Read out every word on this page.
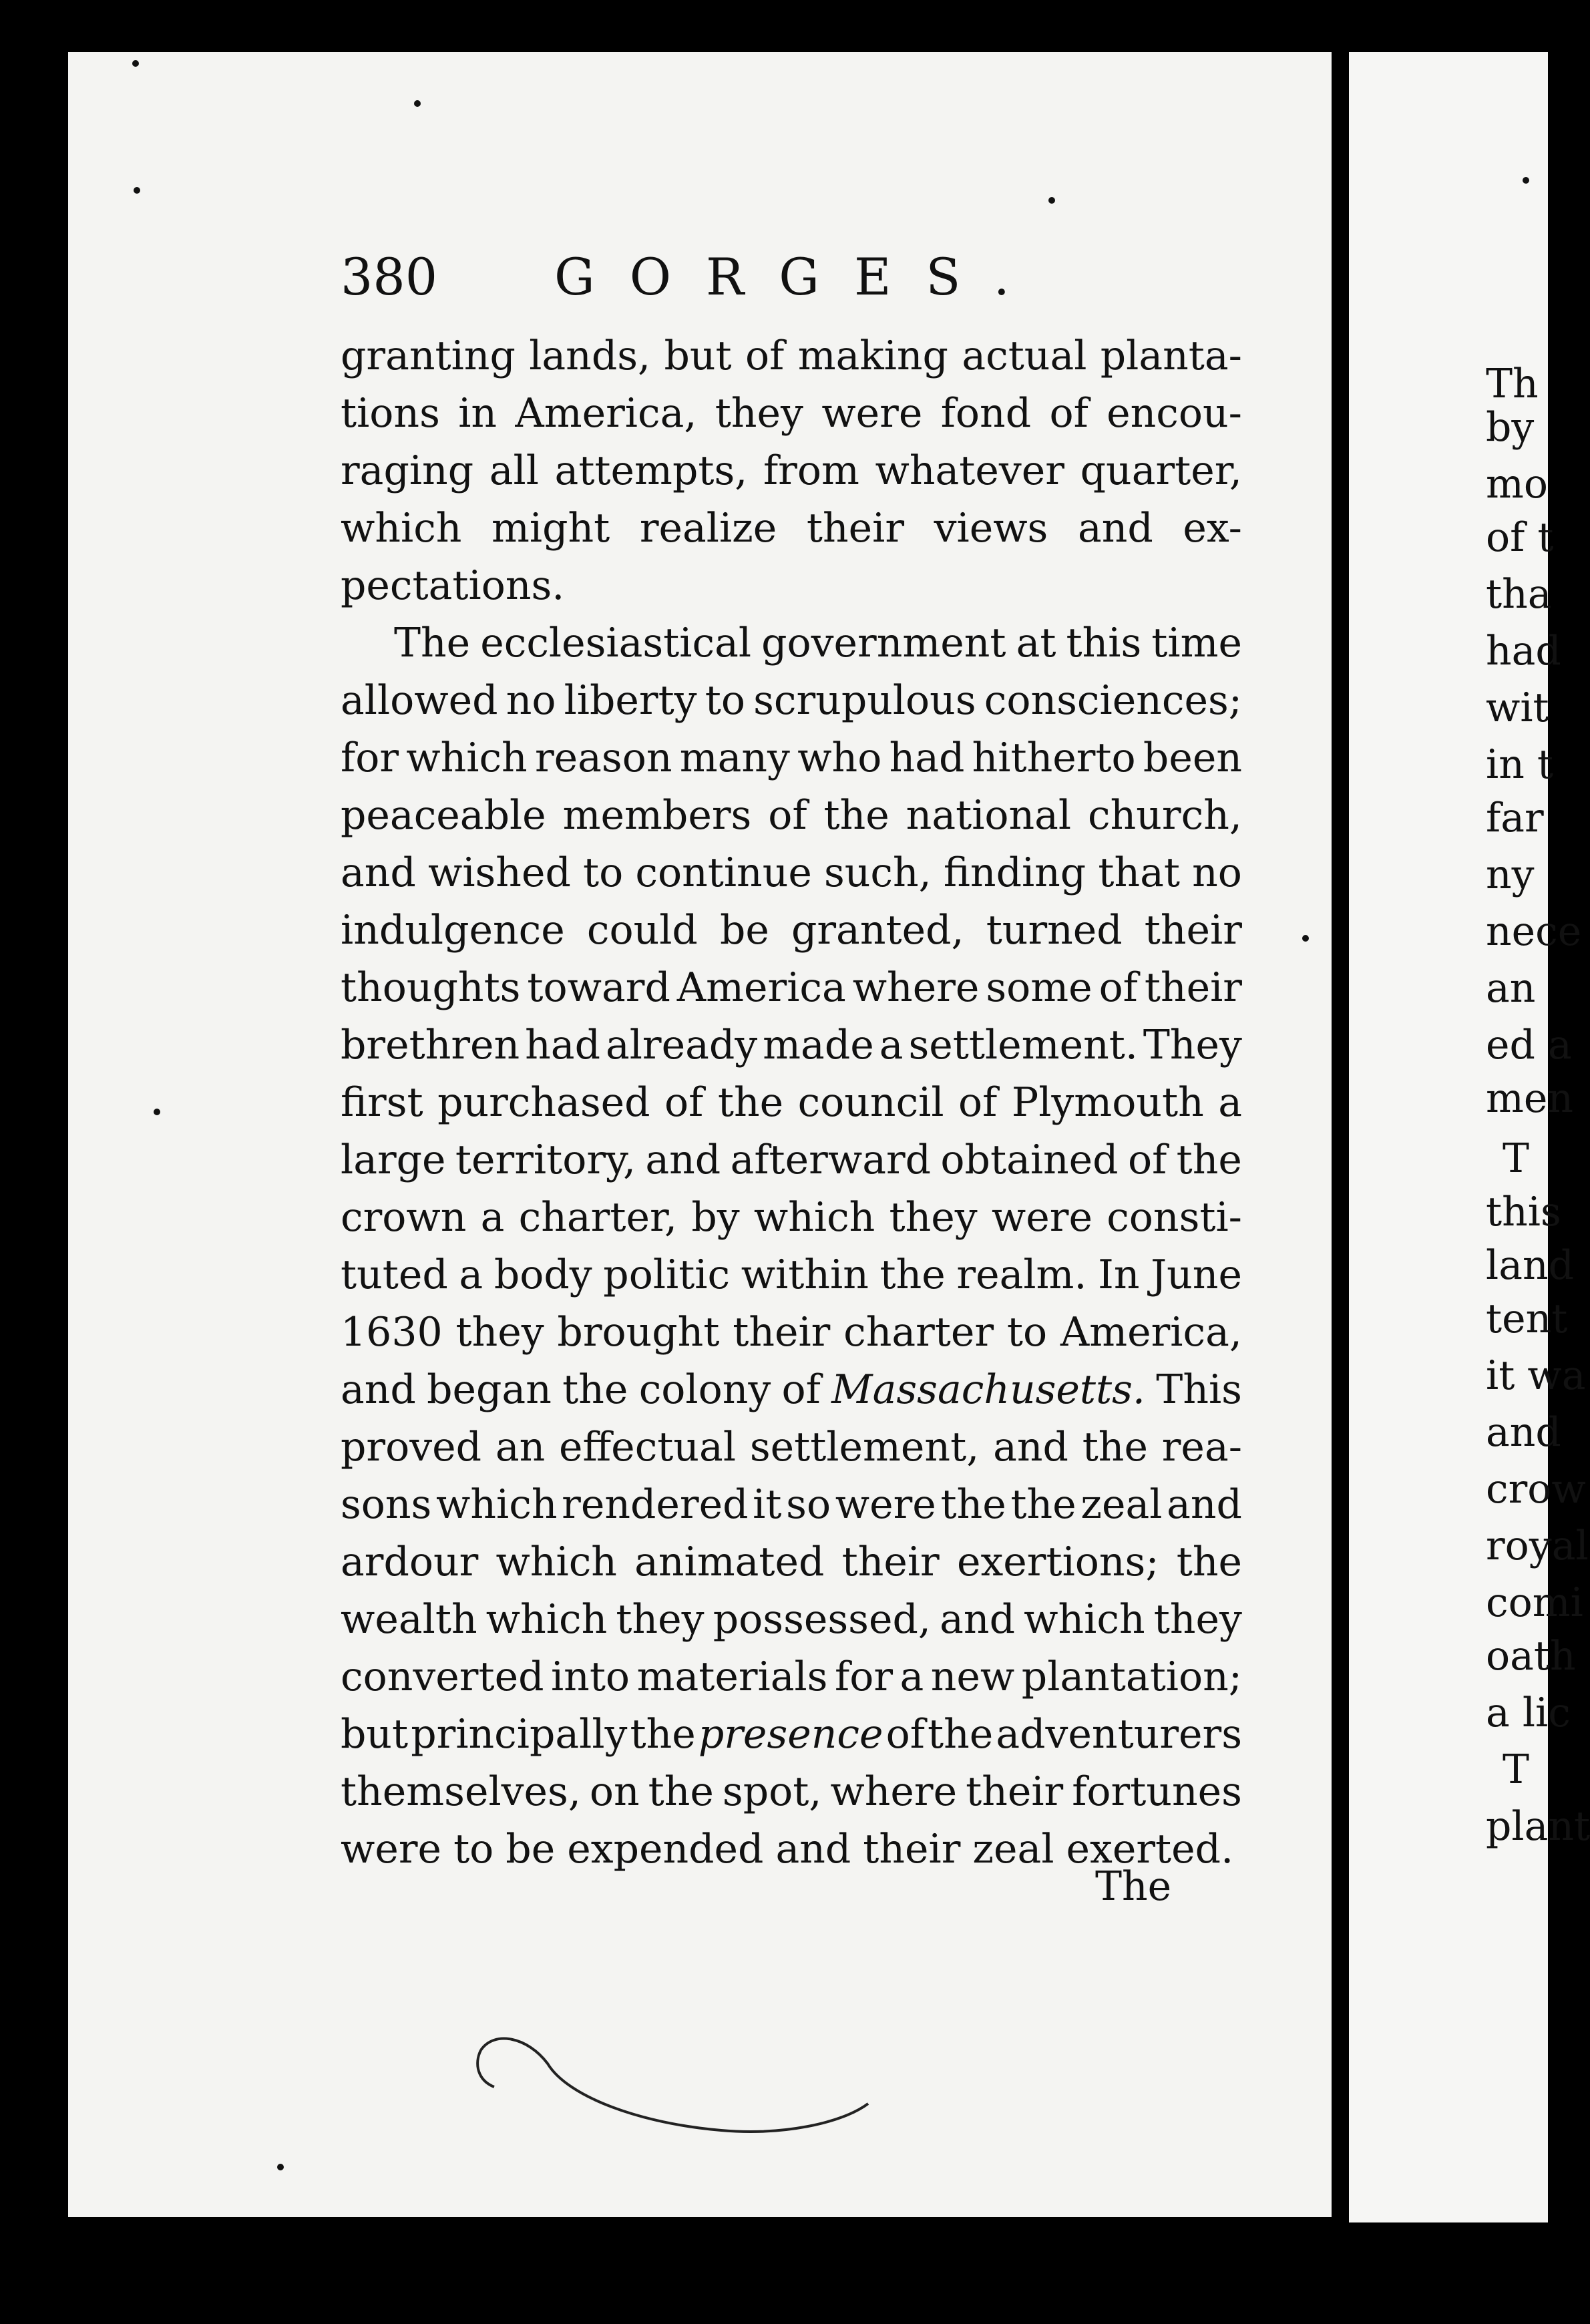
Th
by
mo
of t
tha
had
wit
in t
far
ny
nece
an
ed a
men
T
this
land
tent
it wa
and
crow
royal
comi
oath
a lic
T
plant
380 GORGES.
granting lands, but of making actual planta-
tions in America, they were fond of encou-
raging all attempts, from whatever quarter,
which might realize their views and ex-
pectations.
The ecclesiastical government at this time
allowed no liberty to scrupulous consciences;
for which reason many who had hitherto been
peaceable members of the national church,
and wished to continue such, finding that no
indulgence could be granted, turned their
thoughts toward America where some of their
brethren had already made a settlement. They
first purchased of the council of Plymouth a
large territory, and afterward obtained of the
crown a charter, by which they were consti-
tuted a body politic within the realm. In June
1630 they brought their charter to America,
and began the colony of Massachusetts. This
proved an effectual settlement, and the rea-
sons which rendered it so were the the zeal and
ardour which animated their exertions; the
wealth which they possessed, and which they
converted into materials for a new plantation;
but principally the presence of the adventurers
themselves, on the spot, where their fortunes
were to be expended and their zeal exerted.
The
